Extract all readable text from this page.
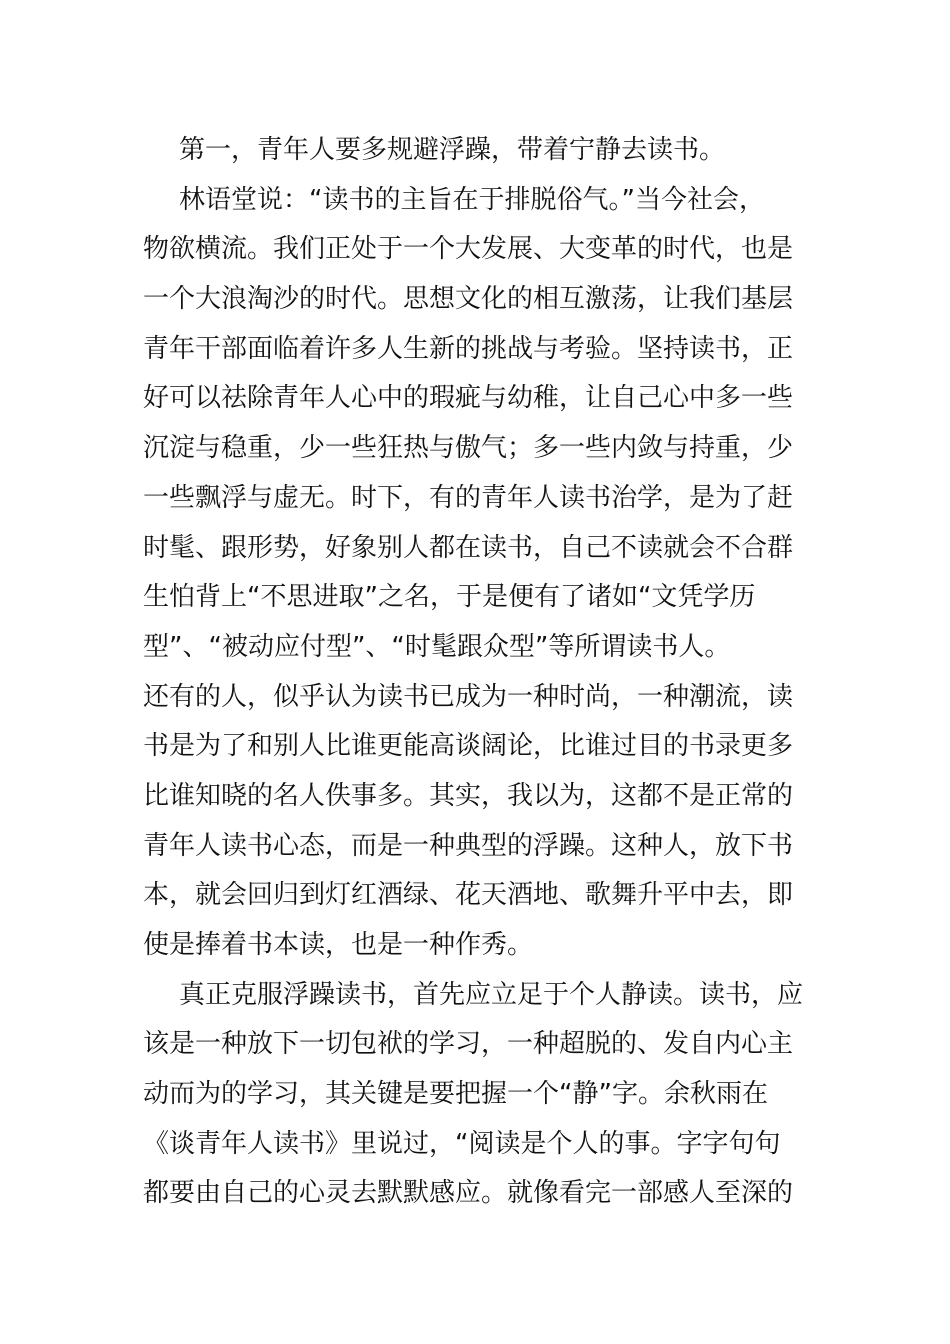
第一，青年人要多规避浮躁，带着宁静去读书。
林语堂说：“读书的主旨在于排脱俗气。”当今社会，
物欲横流。我们正处于一个大发展、大变革的时代，也是
一个大浪淘沙的时代。思想文化的相互激荡，让我们基层
青年干部面临着许多人生新的挑战与考验。坚持读书，正
好可以祛除青年人心中的瑕疵与幼稚，让自己心中多一些
沉淀与稳重，少一些狂热与傲气；多一些内敛与持重，少
一些飘浮与虚无。时下，有的青年人读书治学，是为了赶
时髦、跟形势，好象别人都在读书，自己不读就会不合群
生怕背上“不思进取”之名，于是便有了诸如“文凭学历
型”、“被动应付型”、“时髦跟众型”等所谓读书人。
还有的人，似乎认为读书已成为一种时尚，一种潮流，读
书是为了和别人比谁更能高谈阔论，比谁过目的书录更多
比谁知晓的名人佚事多。其实，我以为，这都不是正常的
青年人读书心态，而是一种典型的浮躁。这种人，放下书
本，就会回归到灯红酒绿、花天酒地、歌舞升平中去，即
使是捧着书本读，也是一种作秀。
真正克服浮躁读书，首先应立足于个人静读。读书，应
该是一种放下一切包袱的学习，一种超脱的、发自内心主
动而为的学习，其关键是要把握一个“静”字。余秋雨在
《谈青年人读书》里说过，“阅读是个人的事。字字句句
都要由自己的心灵去默默感应。就像看完一部感人至深的
